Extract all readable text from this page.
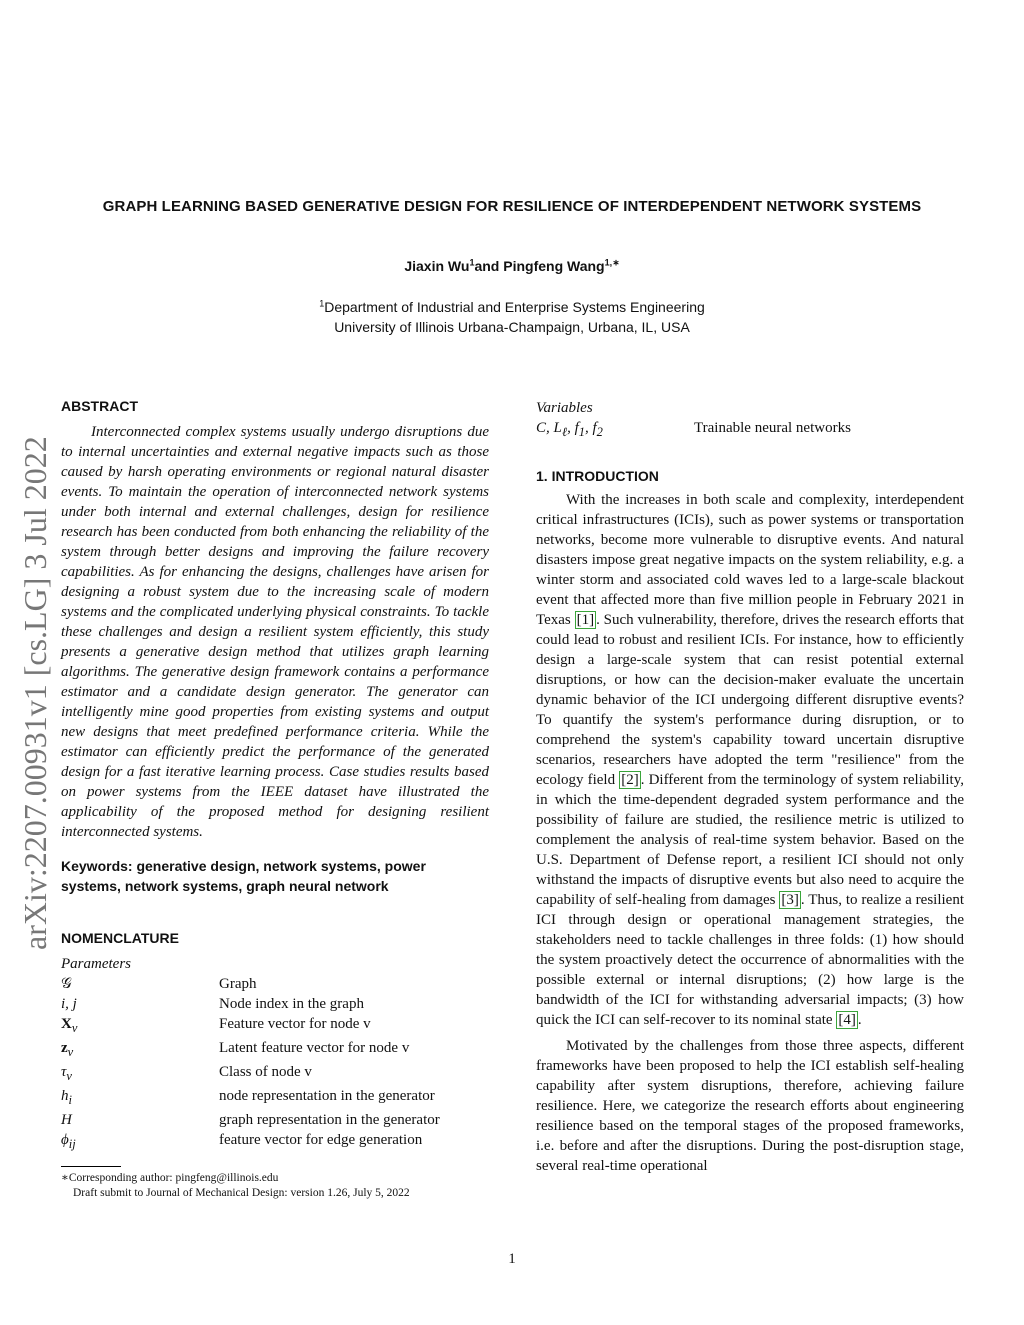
arXiv:2207.00931v1 [cs.LG] 3 Jul 2022
GRAPH LEARNING BASED GENERATIVE DESIGN FOR RESILIENCE OF INTERDEPENDENT NETWORK SYSTEMS
Jiaxin Wu$^1$and Pingfeng Wang$^{1,∗}$
$^1$Department of Industrial and Enterprise Systems Engineering
University of Illinois Urbana-Champaign, Urbana, IL, USA

ABSTRACT

Interconnected complex systems usually undergo disruptions due to internal uncertainties and external negative impacts such as those caused by harsh operating environments or regional natural disaster events. To maintain the operation of interconnected network systems under both internal and external challenges, design for resilience research has been conducted from both enhancing the reliability of the system through better designs and improving the failure recovery capabilities. As for enhancing the designs, challenges have arisen for designing a robust system due to the increasing scale of modern systems and the complicated underlying physical constraints. To tackle these challenges and design a resilient system efficiently, this study presents a generative design method that utilizes graph learning algorithms. The generative design framework contains a performance estimator and a candidate design generator. The generator can intelligently mine good properties from existing systems and output new designs that meet predefined performance criteria. While the estimator can efficiently predict the performance of the generated design for a fast iterative learning process. Case studies results based on power systems from the IEEE dataset have illustrated the applicability of the proposed method for designing resilient interconnected systems.

Keywords: generative design, network systems, power systems, network systems, graph neural network

NOMENCLATURE

Parameters

𝒢	Graph
i, j	Node index in the graph
$X_v$	Feature vector for node v
$z_v$	Latent feature vector for node v
$\tau_v$	Class of node v
$h_i$	node representation in the generator
H	graph representation in the generator
$\phi_{ij}$	feature vector for edge generation
∗Corresponding author: pingfeng@illinois.edu
Draft submit to Journal of Mechanical Design: version 1.26, July 5, 2022

Variables

C, $L_\ell$, $f_1$, $f_2$	Trainable neural networks

1. INTRODUCTION

With the increases in both scale and complexity, interdependent critical infrastructures (ICIs), such as power systems or transportation networks, become more vulnerable to disruptive events. And natural disasters impose great negative impacts on the system reliability, e.g. a winter storm and associated cold waves led to a large-scale blackout event that affected more than five million people in February 2021 in Texas [1] . Such vulnerability, therefore, drives the research efforts that could lead to robust and resilient ICIs. For instance, how to efficiently design a large-scale system that can resist potential external disruptions, or how can the decision-maker evaluate the uncertain dynamic behavior of the ICI undergoing different disruptive events? To quantify the system's performance during disruption, or to comprehend the system's capability toward uncertain disruptive scenarios, researchers have adopted the term "resilience" from the ecology field [2] . Different from the terminology of system reliability, in which the time-dependent degraded system performance and the possibility of failure are studied, the resilience metric is utilized to complement the analysis of real-time system behavior. Based on the U.S. Department of Defense report, a resilient ICI should not only withstand the impacts of disruptive events but also need to acquire the capability of self-healing from damages [3] . Thus, to realize a resilient ICI through design or operational management strategies, the stakeholders need to tackle challenges in three folds: (1) how should the system proactively detect the occurrence of abnormalities with the possible external or internal disruptions; (2) how large is the bandwidth of the ICI for withstanding adversarial impacts; (3) how quick the ICI can self-recover to its nominal state [4] .

Motivated by the challenges from those three aspects, different frameworks have been proposed to help the ICI establish self-healing capability after system disruptions, therefore, achieving failure resilience. Here, we categorize the research efforts about engineering resilience based on the temporal stages of the proposed frameworks, i.e. before and after the disruptions. During the post-disruption stage, several real-time operational

1
